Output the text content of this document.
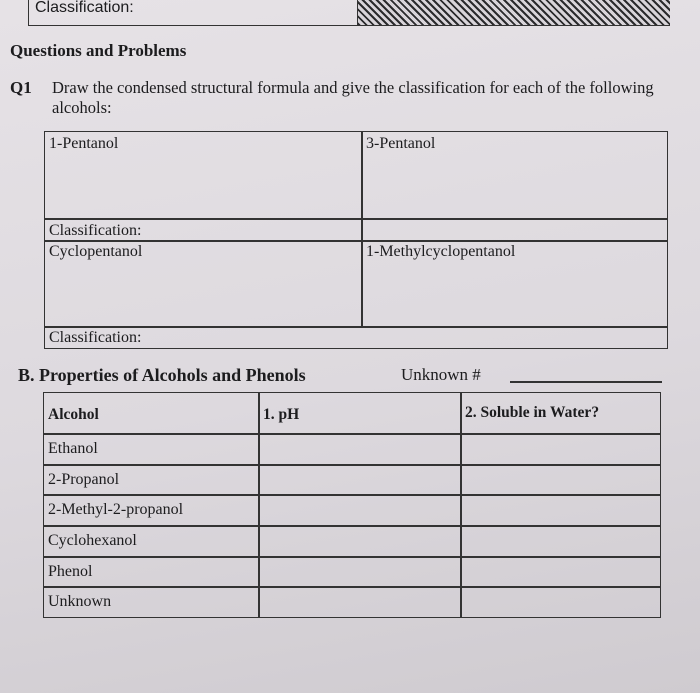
Classification:
Questions and Problems
Q1 Draw the condensed structural formula and give the classification for each of the following alcohols:
1-Pentanol	3-Pentanol
Classification:
Cyclopentanol	1-Methylcyclopentanol
Classification:
B. Properties of Alcohols and Phenols	Unknown #
Alcohol	1. pH	2. Soluble in Water?
Ethanol
2-Propanol
2-Methyl-2-propanol
Cyclohexanol
Phenol
Unknown
